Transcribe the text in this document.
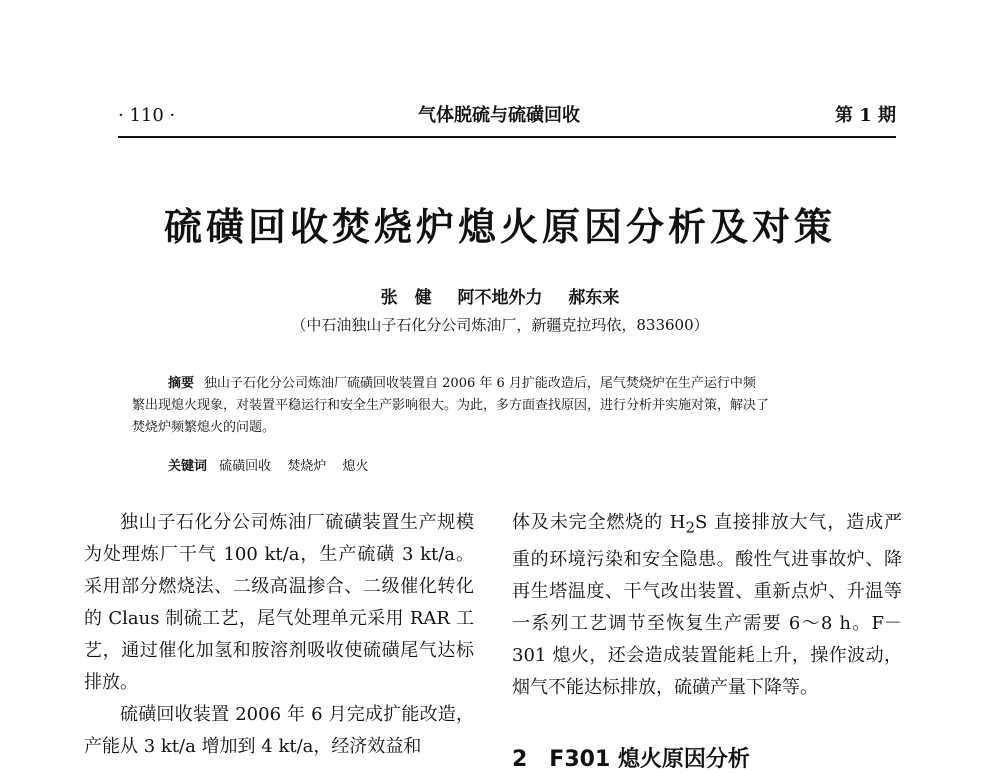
· 110 ·	气体脱硫与硫磺回收	第 1 期
硫磺回收焚烧炉熄火原因分析及对策
张　健 阿不地外力 郝东来
（中石油独山子石化分公司炼油厂，新疆克拉玛依，833600）
摘要 独山子石化分公司炼油厂硫磺回收装置自 2006 年 6 月扩能改造后，尾气焚烧炉在生产运行中频
繁出现熄火现象，对装置平稳运行和安全生产影响很大。为此，多方面查找原因，进行分析并实施对策，解决了
焚烧炉频繁熄火的问题。
关键词 硫磺回收 焚烧炉 熄火

独山子石化分公司炼油厂硫磺装置生产规模为处理炼厂干气 100 kt/a，生产硫磺 3 kt/a。采用部分燃烧法、二级高温掺合、二级催化转化的 Claus 制硫工艺，尾气处理单元采用 RAR 工艺，通过催化加氢和胺溶剂吸收使硫磺尾气达标排放。

硫磺回收装置 2006 年 6 月完成扩能改造，产能从 3 kt/a 增加到 4 kt/a，经济效益和

体及未完全燃烧的 $H_2S$ 直接排放大气，造成严重的环境污染和安全隐患。酸性气进事故炉、降再生塔温度、干气改出装置、重新点炉、升温等一系列工艺调节至恢复生产需要 6～8 h。F－301 熄火，还会造成装置能耗上升，操作波动，烟气不能达标排放，硫磺产量下降等。

2　F301 熄火原因分析
